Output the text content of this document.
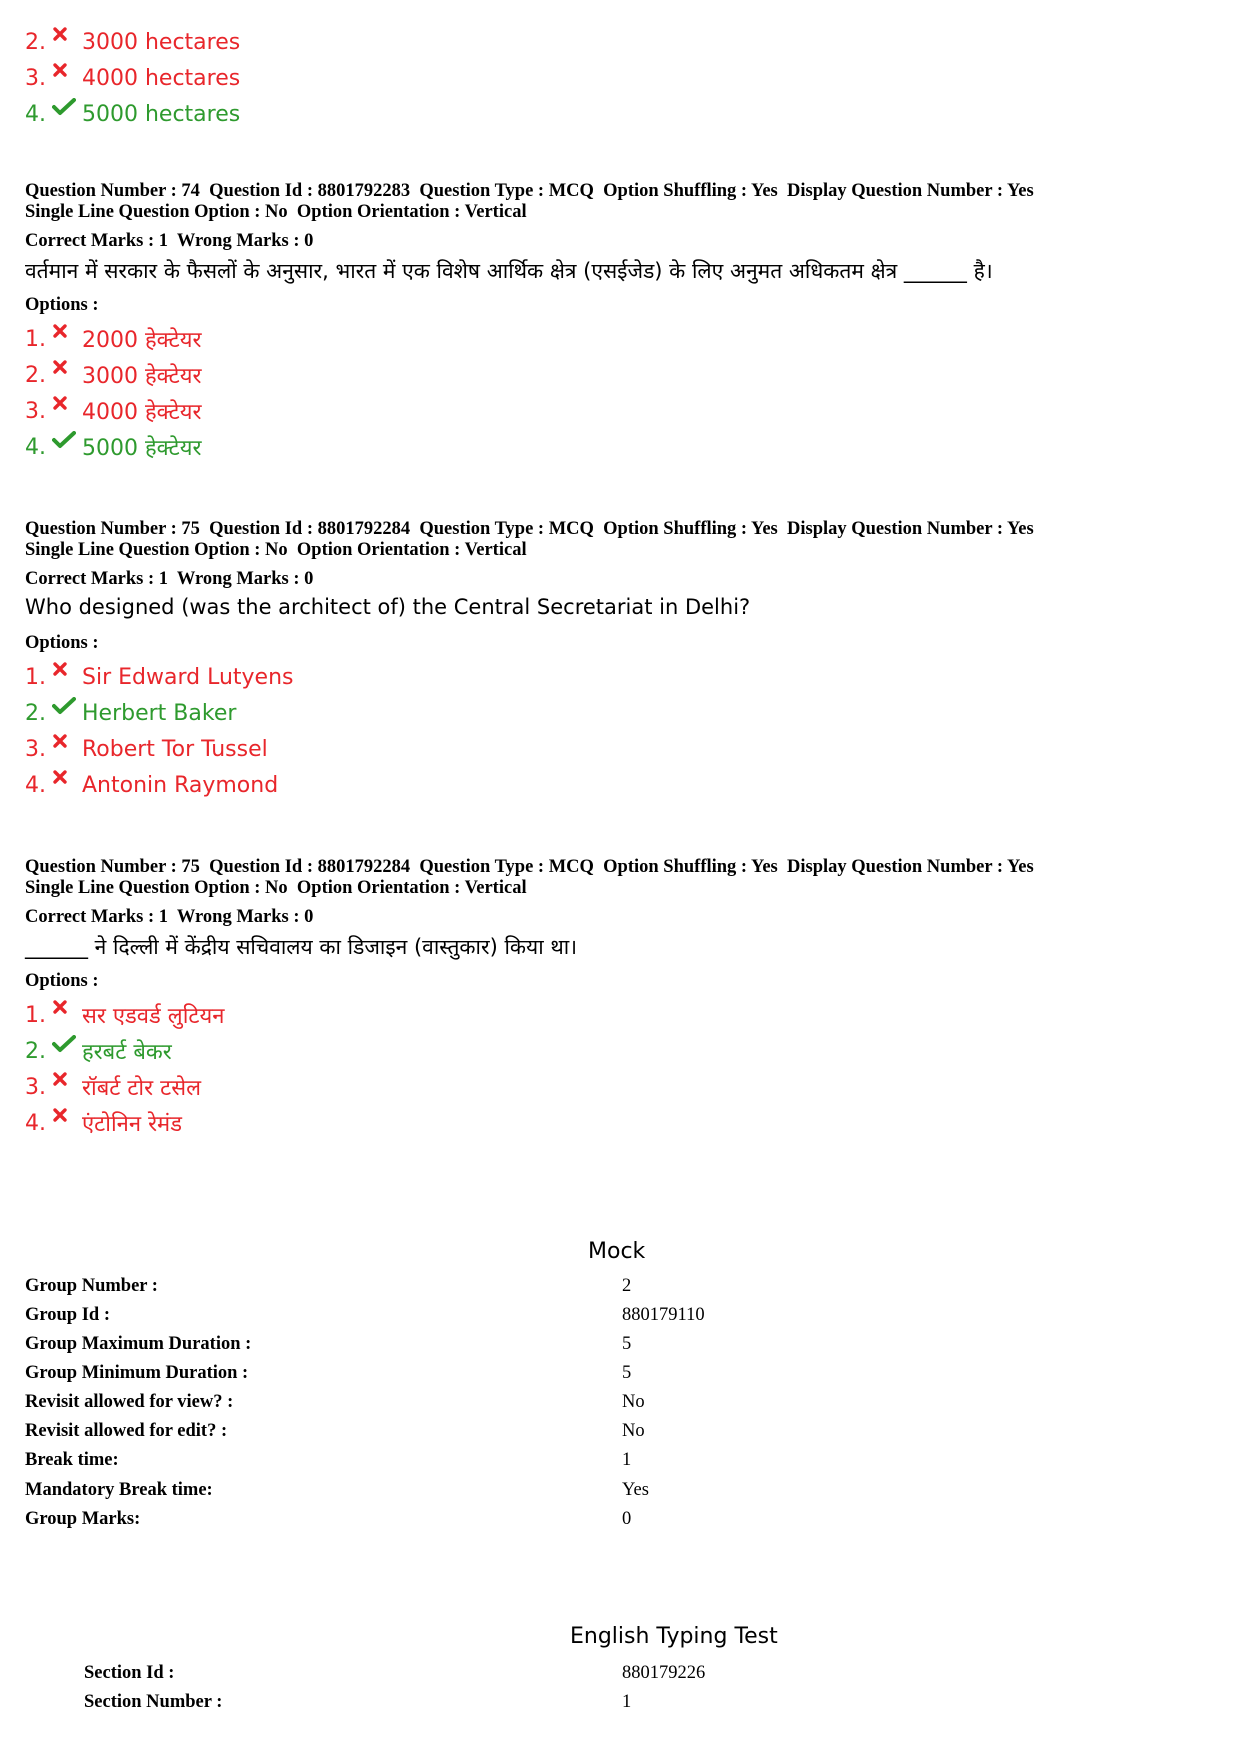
2. 3000 hectares
3. 4000 hectares
4. 5000 hectares
Question Number : 74  Question Id : 8801792283  Question Type : MCQ  Option Shuffling : Yes  Display Question Number : Yes
Single Line Question Option : No  Option Orientation : Vertical
Correct Marks : 1  Wrong Marks : 0
वर्तमान में सरकार के फैसलों के अनुसार, भारत में एक विशेष आर्थिक क्षेत्र (एसईजेड) के लिए अनुमत अधिकतम क्षेत्र ______ है।
Options :
1. 2000 हेक्टेयर
2. 3000 हेक्टेयर
3. 4000 हेक्टेयर
4. 5000 हेक्टेयर
Question Number : 75  Question Id : 8801792284  Question Type : MCQ  Option Shuffling : Yes  Display Question Number : Yes
Single Line Question Option : No  Option Orientation : Vertical
Correct Marks : 1  Wrong Marks : 0
Who designed (was the architect of) the Central Secretariat in Delhi?
Options :
1. Sir Edward Lutyens
2. Herbert Baker
3. Robert Tor Tussel
4. Antonin Raymond
Question Number : 75  Question Id : 8801792284  Question Type : MCQ  Option Shuffling : Yes  Display Question Number : Yes
Single Line Question Option : No  Option Orientation : Vertical
Correct Marks : 1  Wrong Marks : 0
______ ने दिल्ली में केंद्रीय सचिवालय का डिजाइन (वास्तुकार) किया था।
Options :
1. सर एडवर्ड लुटियन
2. हरबर्ट बेकर
3. रॉबर्ट टोर टसेल
4. एंटोनिन रेमंड
Mock
Group Number :	2
Group Id :	880179110
Group Maximum Duration :	5
Group Minimum Duration :	5
Revisit allowed for view? :	No
Revisit allowed for edit? :	No
Break time:	1
Mandatory Break time:	Yes
Group Marks:	0
English Typing Test
Section Id :	880179226
Section Number :	1
